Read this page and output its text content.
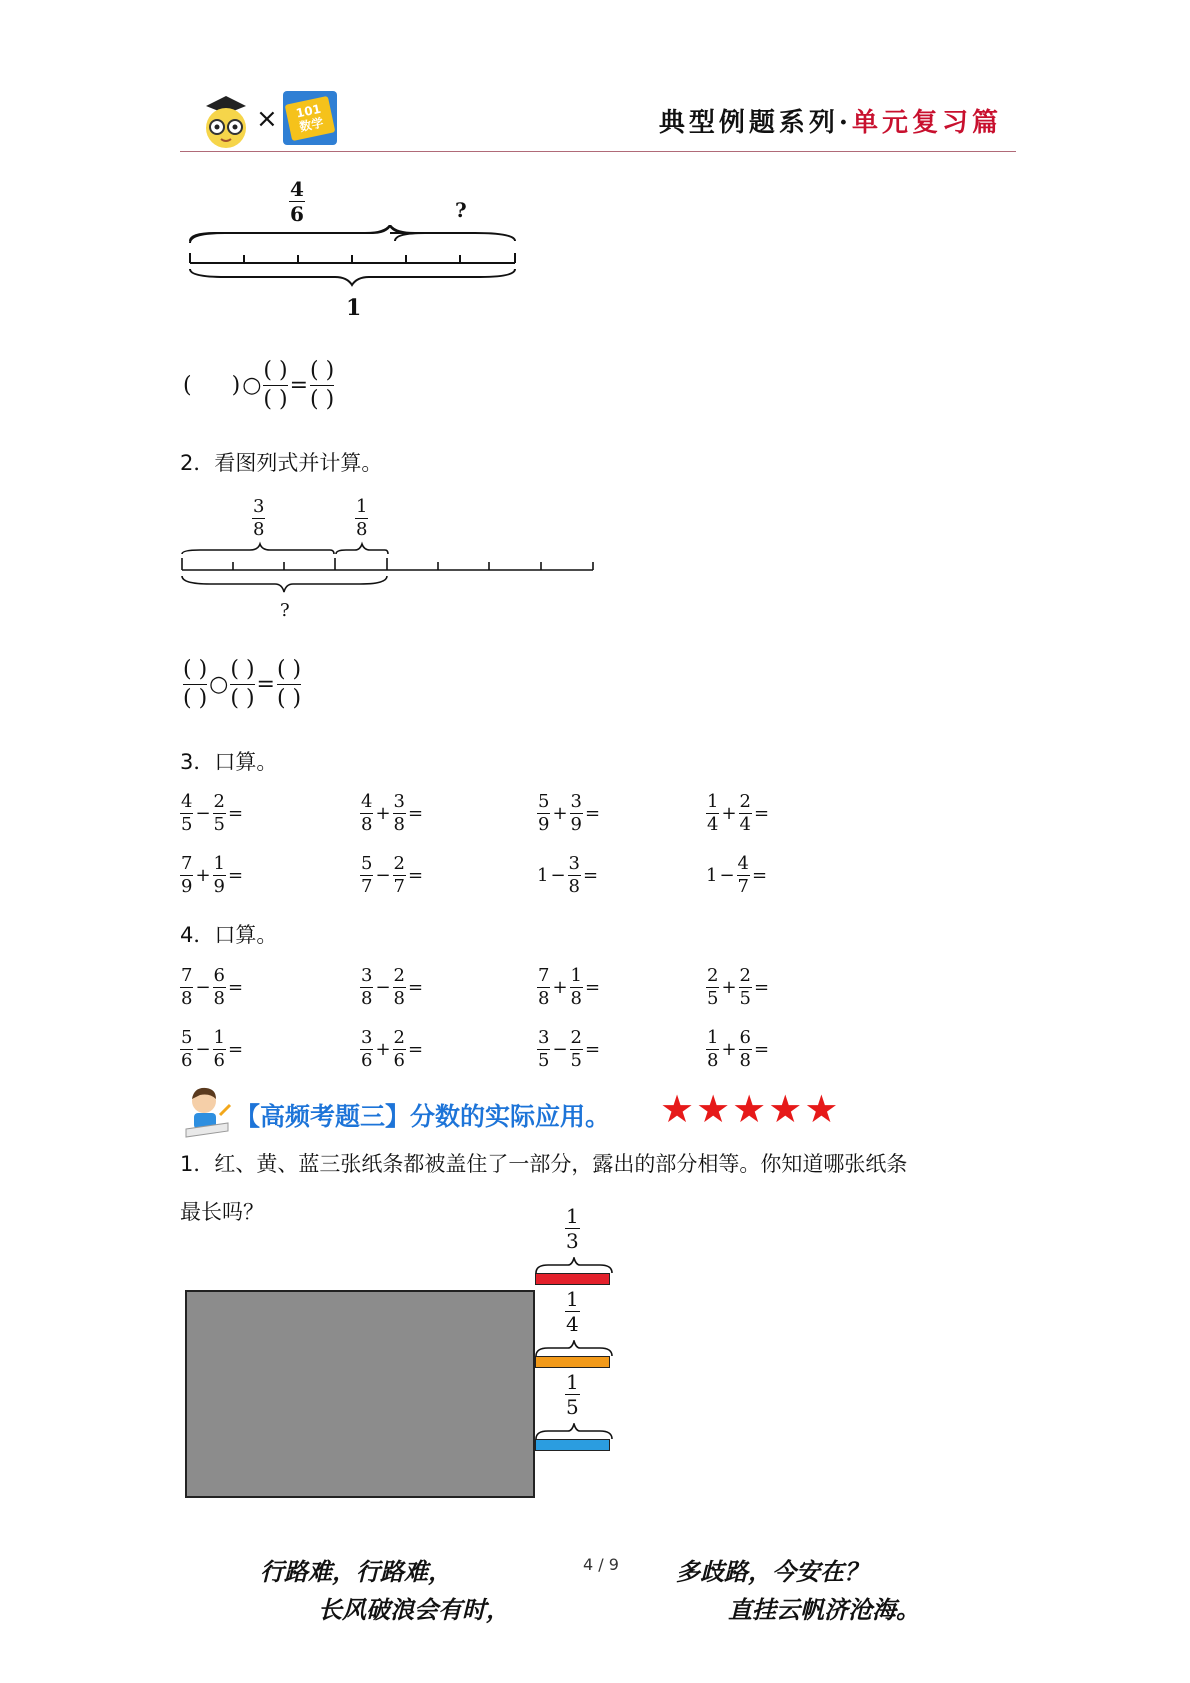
×	101 数学	典型例题系列·单元复习篇
$\frac{4}{6}$	?
1
( ) ○ $\frac{( )}{( )} = \frac{( )}{( )}$
2．看图列式并计算。
$\frac{3}{8}$	$\frac{1}{8}$
?
$\frac{( )}{( )}$ ○ $\frac{( )}{( )} = \frac{( )}{( )}$
3．口算。
$\frac{4}{5} - \frac{2}{5}$ =	$\frac{4}{8} + \frac{3}{8}$ =	$\frac{5}{9} + \frac{3}{9}$ =	$\frac{1}{4} + \frac{2}{4}$ =
$\frac{7}{9} + \frac{1}{9}$ =	$\frac{5}{7} - \frac{2}{7}$ =	$1 - \frac{3}{8}$ =	$1 - \frac{4}{7}$ =
4．口算。
$\frac{7}{8} - \frac{6}{8}$ =	$\frac{3}{8} - \frac{2}{8}$ =	$\frac{7}{8} + \frac{1}{8}$ =	$\frac{2}{5} + \frac{2}{5}$ =
$\frac{5}{6} - \frac{1}{6}$ =	$\frac{3}{6} + \frac{2}{6}$ =	$\frac{3}{5} - \frac{2}{5}$ =	$\frac{1}{8} + \frac{6}{8}$ =
【高频考题三】分数的实际应用。 ★ ★ ★ ★ ★
1．红、黄、蓝三张纸条都被盖住了一部分，露出的部分相等。你知道哪张纸条
最长吗？	$\frac{1}{3}$
$\frac{1}{4}$
$\frac{1}{5}$
行路难，行路难，
长风破浪会有时，
多歧路，今安在？
直挂云帆济沧海。
4 / 9
